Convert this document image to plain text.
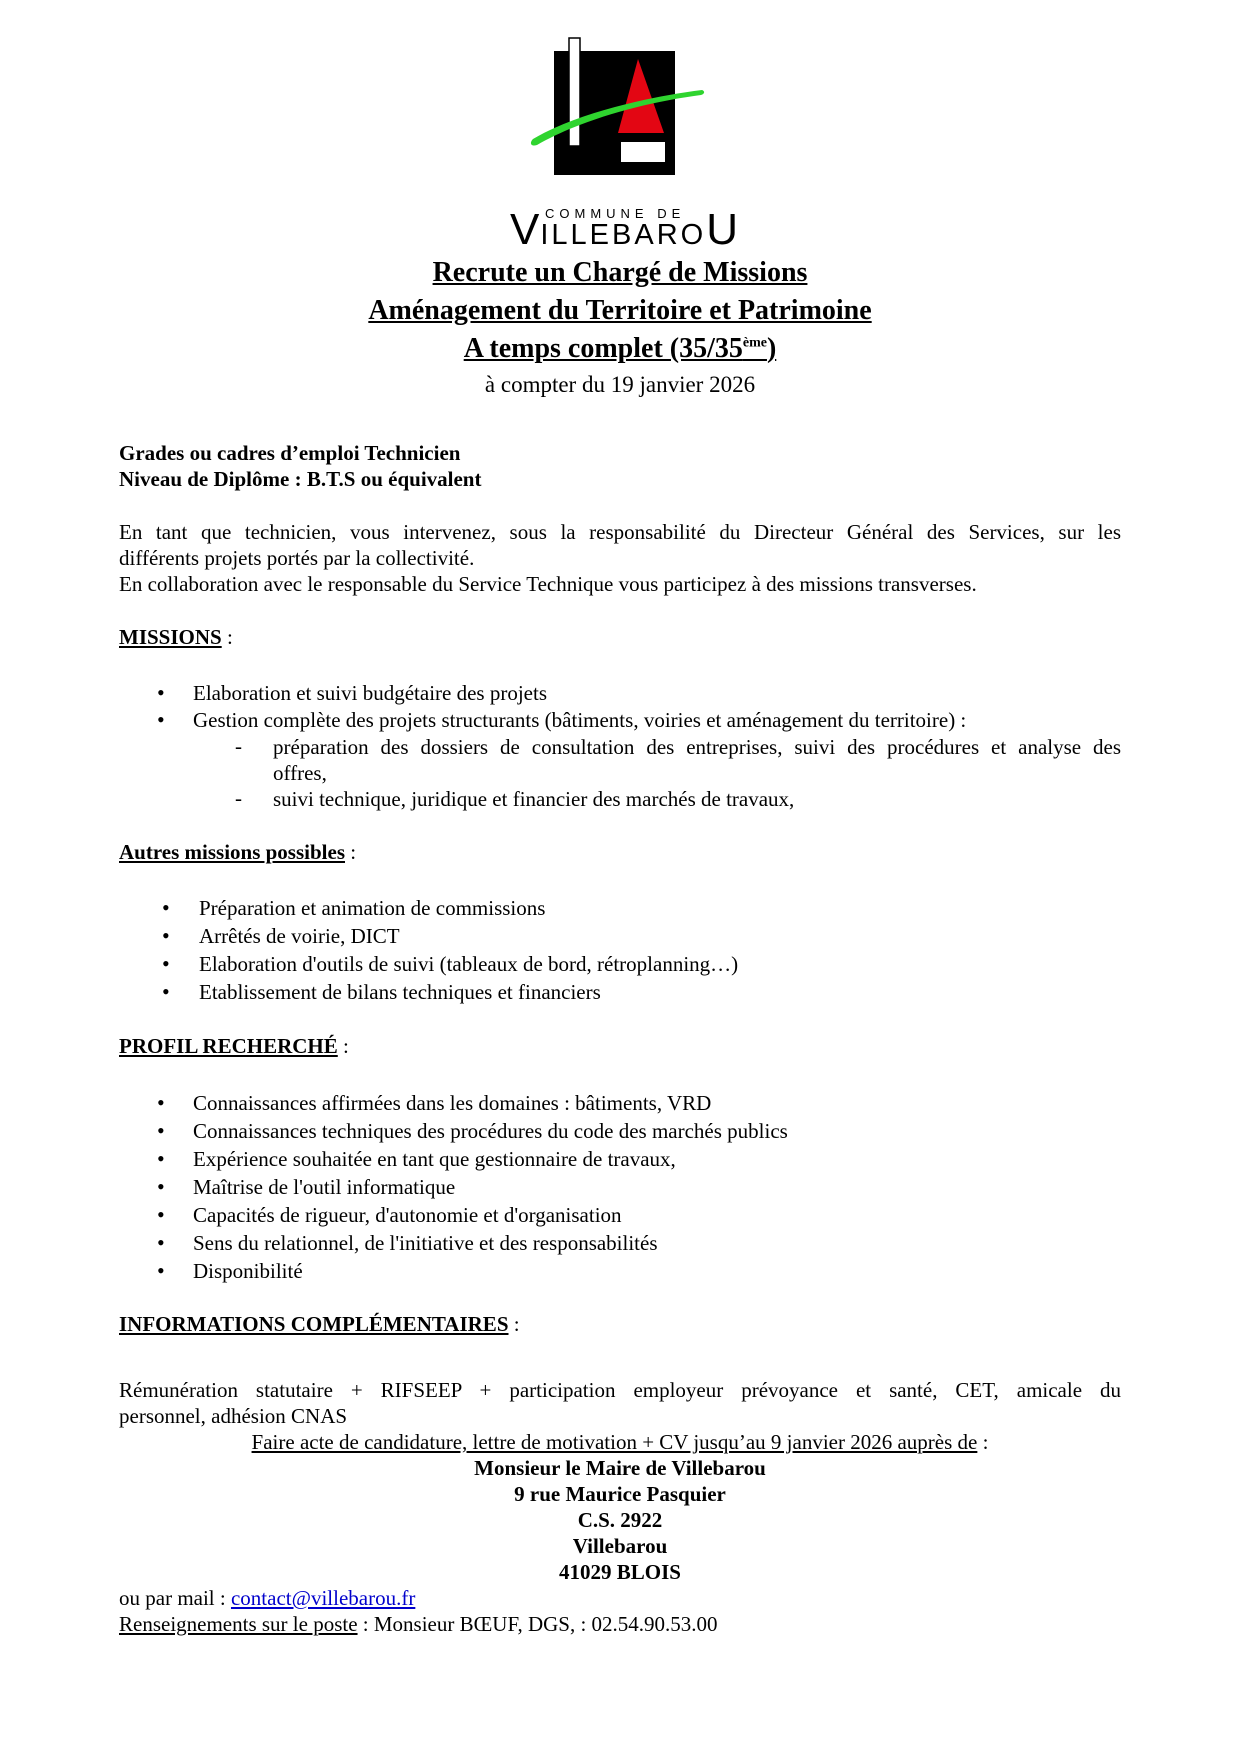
COMMUNE DE
VILLEBAROU
Recrute un Chargé de Missions
Aménagement du Territoire et Patrimoine
A temps complet (35/35ème)
à compter du 19 janvier 2026
Grades ou cadres d’emploi Technicien
Niveau de Diplôme : B.T.S ou équivalent
En tant que technicien, vous intervenez, sous la responsabilité du Directeur Général des Services, sur les
différents projets portés par la collectivité.
En collaboration avec le responsable du Service Technique vous participez à des missions transverses.
MISSIONS :
• Elaboration et suivi budgétaire des projets
• Gestion complète des projets structurants (bâtiments, voiries et aménagement du territoire) :
- préparation des dossiers de consultation des entreprises, suivi des procédures et analyse des
offres,
- suivi technique, juridique et financier des marchés de travaux,
Autres missions possibles :
• Préparation et animation de commissions
• Arrêtés de voirie, DICT
• Elaboration d'outils de suivi (tableaux de bord, rétroplanning…)
• Etablissement de bilans techniques et financiers
PROFIL RECHERCHÉ :
• Connaissances affirmées dans les domaines : bâtiments, VRD
• Connaissances techniques des procédures du code des marchés publics
• Expérience souhaitée en tant que gestionnaire de travaux,
• Maîtrise de l'outil informatique
• Capacités de rigueur, d'autonomie et d'organisation
• Sens du relationnel, de l'initiative et des responsabilités
• Disponibilité
INFORMATIONS COMPLÉMENTAIRES :
Rémunération statutaire + RIFSEEP + participation employeur prévoyance et santé, CET, amicale du
personnel, adhésion CNAS
Faire acte de candidature, lettre de motivation + CV jusqu’au 9 janvier 2026 auprès de :
Monsieur le Maire de Villebarou
9 rue Maurice Pasquier
C.S. 2922
Villebarou
41029 BLOIS
ou par mail : contact@villebarou.fr
Renseignements sur le poste : Monsieur BŒUF, DGS, : 02.54.90.53.00
